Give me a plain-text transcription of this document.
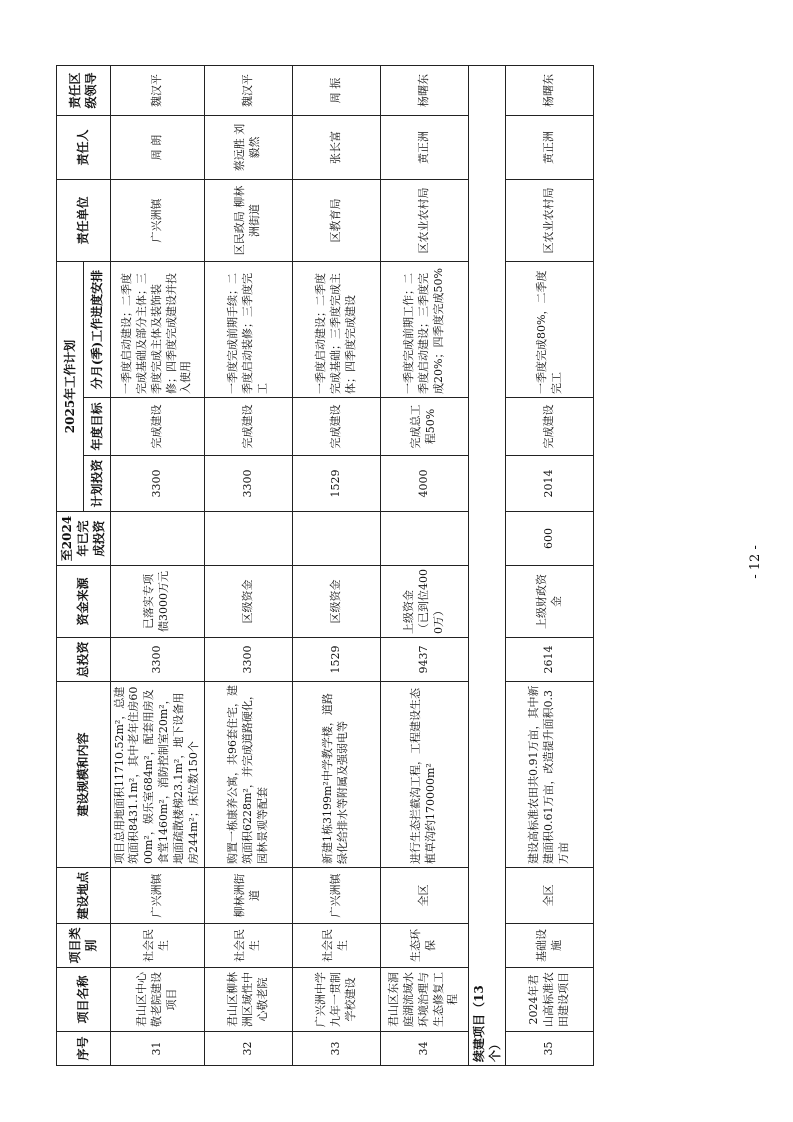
序号	项目名称	项目类别	建设地点	建设规模和内容	总投资	资金来源	至2024年已完成投资	2025年工作计划			责任单位	责任人	责任区级领导
								计划投资	年度目标	分月(季)工作进度安排			
31	君山区中心敬老院建设项目	社会民生	广兴洲镇	项目总用地面积11710.52m²，总建筑面积8431.1m²，其中老年住房6000m²，娱乐室684m²，配套用房及食堂1460m²，消防控制室20m²，地面疏散楼梯23.1m²，地下设备用房244m²；床位数150个	3300	已落实专项债3000万元		3300	完成建设	一季度启动建设；二季度完成基础及部分主体；三季度完成主体及装饰装修；四季度完成建设并投入使用	广兴洲镇	周 朗	魏汉平
32	君山区柳林洲区域性中心敬老院	社会民生	柳林洲街道	购置一栋康养公寓，共96套住宅，建筑面积6228m²，并完成道路硬化，园林景观等配套	3300	区级资金		3300	完成建设	一季度完成前期手续；二季度启动装修；三季度完工	区民政局 柳林洲街道	蔡远胜 刘毅然	魏汉平
33	广兴洲中学九年一贯制学校建设	社会民生	广兴洲镇	新建1栋3199m²中学教学楼，道路绿化给排水等附属及强弱电等	1529	区级资金		1529	完成建设	一季度启动建设；二季度完成基础；三季度完成主体；四季度完成建设	区教育局	张长富	周 振
34	君山区东洞庭湖流域水环境治理与生态修复工程	生态环保	全区	进行生态拦截沟工程，工程建设生态植草沟约170000m²	9437	上级资金（已到位4000万）		4000	完成总工程50%	一季度完成前期工作；二季度启动建设；三季度完成20%；四季度完成50%	区农业农村局	黄正洲	杨曙东
续建项目（13个）													
35	2024年君山高标准农田建设项目	基础设施	全区	建设高标准农田共0.91万亩，其中新建面积0.61万亩，改造提升面积0.3万亩	2614	上级财政资金	600	2014	完成建设	一季度完成80%，二季度完工	区农业农村局	黄正洲	杨曙东
- 12 -
